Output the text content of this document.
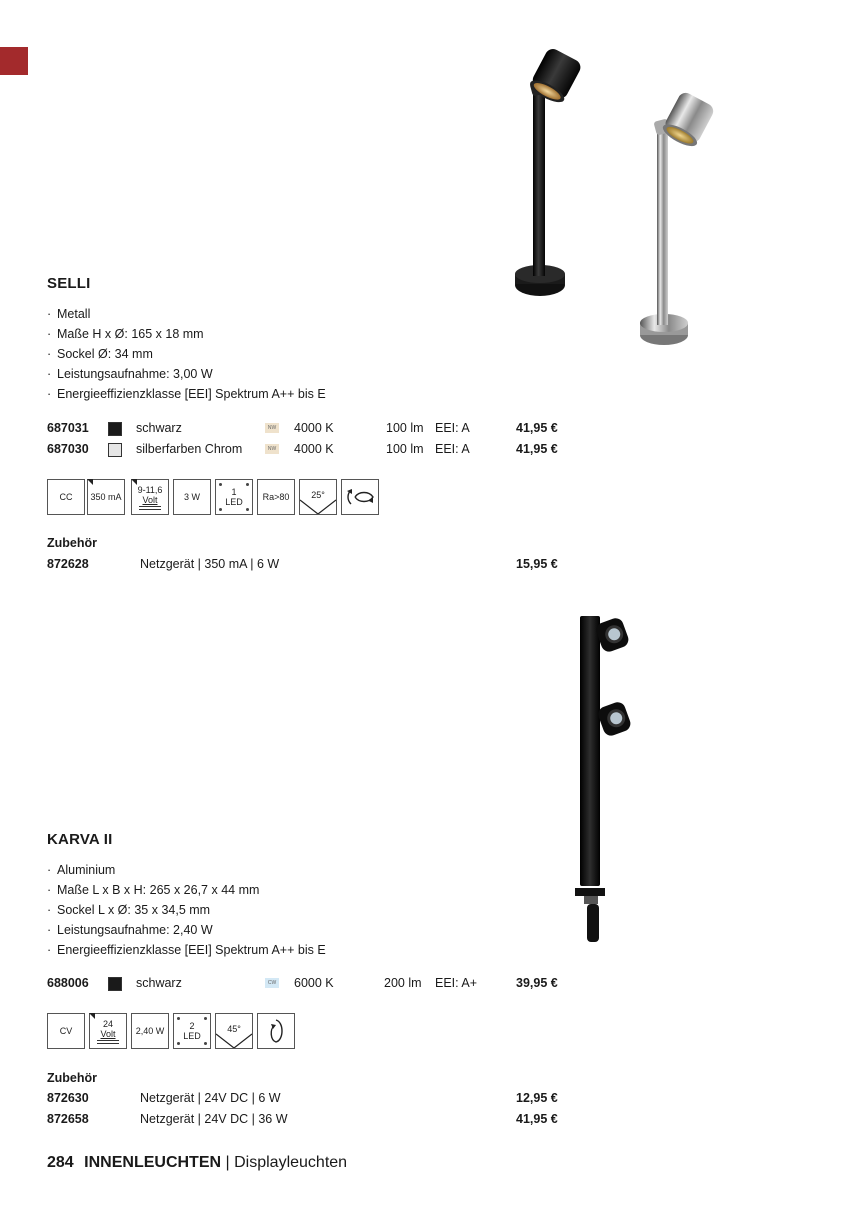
SELLI
· Metall
· Maße H x Ø: 165 x 18 mm
· Sockel Ø: 34 mm
· Leistungsaufnahme: 3,00 W
· Energieeffizienzklasse [EEI] Spektrum A++ bis E
687031	schwarz	NW 4000 K	100 lm EEI: A	41,95 €
687030	silberfarben Chrom	NW 4000 K	100 lm EEI: A	41,95 €
CC 350 mA
9-11,6
Volt	3 W	1
LED Ra>80 25°
Zubehör
872628	Netzgerät | 350 mA | 6 W	15,95 €
KARVA II
· Aluminium
· Maße L x B x H: 265 x 26,7 x 44 mm
· Sockel L x Ø: 35 x 34,5 mm
· Leistungsaufnahme: 2,40 W
· Energieeffizienzklasse [EEI] Spektrum A++ bis E
688006	schwarz	CW 6000 K	200 lm EEI: A+	39,95 €
CV
24
Volt 2,40 W	2
LED
45°
Zubehör
872630	Netzgerät | 24V DC | 6 W	12,95 €
872658	Netzgerät | 24V DC | 36 W	41,95 €
284 INNENLEUCHTEN | Displayleuchten
